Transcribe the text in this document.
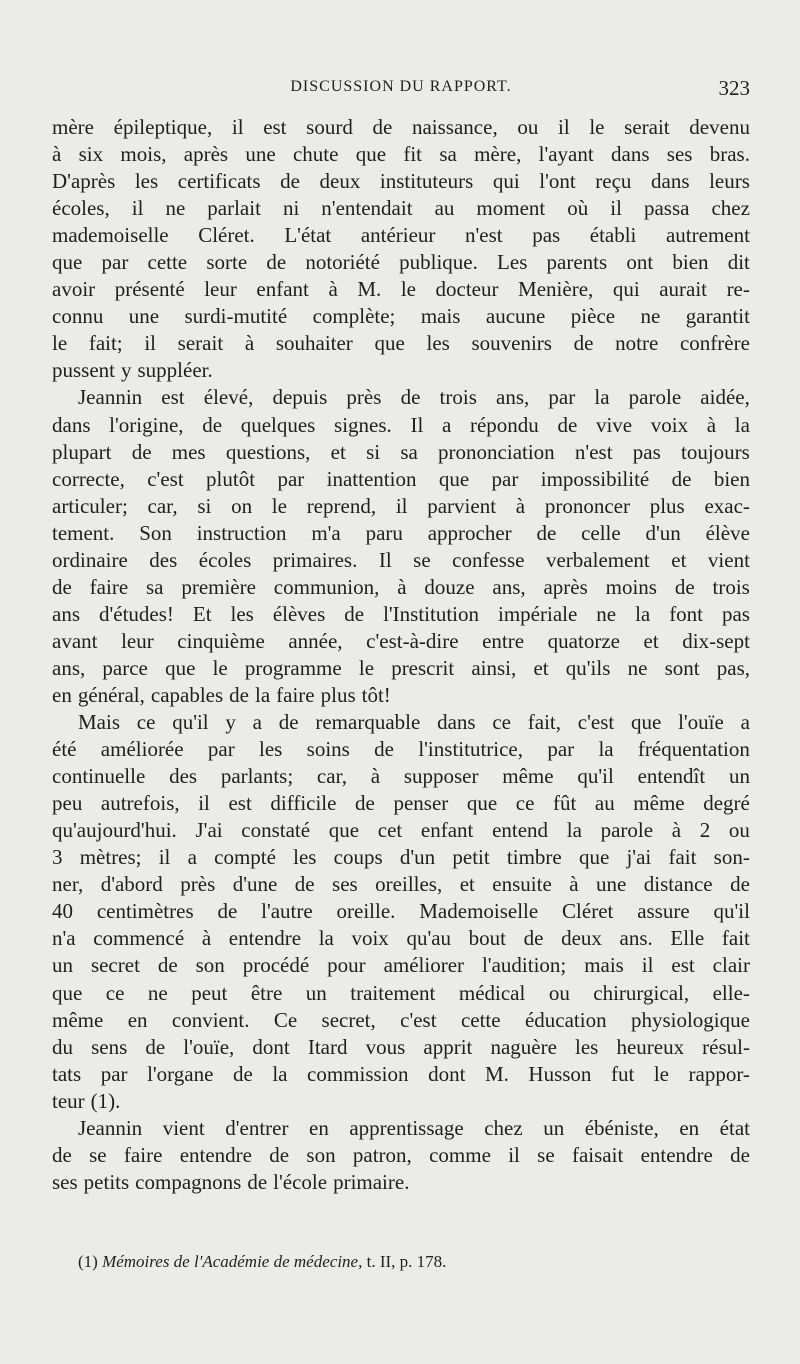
DISCUSSION DU RAPPORT.	323
mère épileptique, il est sourd de naissance, ou il le serait devenu
à six mois, après une chute que fit sa mère, l'ayant dans ses bras.
D'après les certificats de deux instituteurs qui l'ont reçu dans leurs
écoles, il ne parlait ni n'entendait au moment où il passa chez
mademoiselle Cléret. L'état antérieur n'est pas établi autrement
que par cette sorte de notoriété publique. Les parents ont bien dit
avoir présenté leur enfant à M. le docteur Menière, qui aurait re-
connu une surdi-mutité complète; mais aucune pièce ne garantit
le fait; il serait à souhaiter que les souvenirs de notre confrère
pussent y suppléer.
Jeannin est élevé, depuis près de trois ans, par la parole aidée,
dans l'origine, de quelques signes. Il a répondu de vive voix à la
plupart de mes questions, et si sa prononciation n'est pas toujours
correcte, c'est plutôt par inattention que par impossibilité de bien
articuler; car, si on le reprend, il parvient à prononcer plus exac-
tement. Son instruction m'a paru approcher de celle d'un élève
ordinaire des écoles primaires. Il se confesse verbalement et vient
de faire sa première communion, à douze ans, après moins de trois
ans d'études! Et les élèves de l'Institution impériale ne la font pas
avant leur cinquième année, c'est-à-dire entre quatorze et dix-sept
ans, parce que le programme le prescrit ainsi, et qu'ils ne sont pas,
en général, capables de la faire plus tôt!
Mais ce qu'il y a de remarquable dans ce fait, c'est que l'ouïe a
été améliorée par les soins de l'institutrice, par la fréquentation
continuelle des parlants; car, à supposer même qu'il entendît un
peu autrefois, il est difficile de penser que ce fût au même degré
qu'aujourd'hui. J'ai constaté que cet enfant entend la parole à 2 ou
3 mètres; il a compté les coups d'un petit timbre que j'ai fait son-
ner, d'abord près d'une de ses oreilles, et ensuite à une distance de
40 centimètres de l'autre oreille. Mademoiselle Cléret assure qu'il
n'a commencé à entendre la voix qu'au bout de deux ans. Elle fait
un secret de son procédé pour améliorer l'audition; mais il est clair
que ce ne peut être un traitement médical ou chirurgical, elle-
même en convient. Ce secret, c'est cette éducation physiologique
du sens de l'ouïe, dont Itard vous apprit naguère les heureux résul-
tats par l'organe de la commission dont M. Husson fut le rappor-
teur (1).
Jeannin vient d'entrer en apprentissage chez un ébéniste, en état
de se faire entendre de son patron, comme il se faisait entendre de
ses petits compagnons de l'école primaire.
(1) Mémoires de l'Académie de médecine, t. II, p. 178.
